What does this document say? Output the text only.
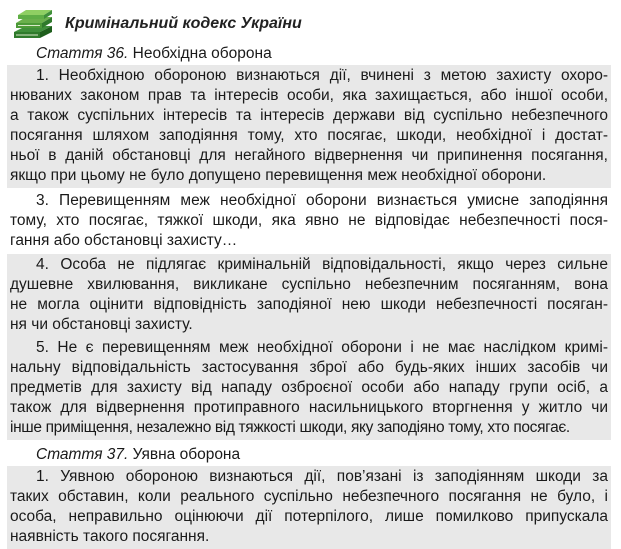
Кримінальний кодекс України
Стаття 36. Необхідна оборона
1. Необхідною обороною визнаються дії, вчинені з метою захисту охоро-
нюваних законом прав та інтересів особи, яка захищається, або іншої особи,
а також суспільних інтересів та інтересів держави від суспільно небезпечного
посягання шляхом заподіяння тому, хто посягає, шкоди, необхідної і достат-
ньої в даній обстановці для негайного відвернення чи припинення посягання,
якщо при цьому не було допущено перевищення меж необхідної оборони.
3. Перевищенням меж необхідної оборони визнається умисне заподіяння
тому, хто посягає, тяжкої шкоди, яка явно не відповідає небезпечності пося-
гання або обстановці захисту…
4. Особа не підлягає кримінальній відповідальності, якщо через сильне
душевне хвилювання, викликане суспільно небезпечним посяганням, вона
не могла оцінити відповідність заподіяної нею шкоди небезпечності посяган-
ня чи обстановці захисту.
5. Не є перевищенням меж необхідної оборони і не має наслідком кримі-
нальну відповідальність застосування зброї або будь-яких інших засобів чи
предметів для захисту від нападу озброєної особи або нападу групи осіб, а
також для відвернення протиправного насильницького вторгнення у житло чи
інше приміщення, незалежно від тяжкості шкоди, яку заподіяно тому, хто посягає.
Стаття 37. Уявна оборона
1. Уявною обороною визнаються дії, пов’язані із заподіянням шкоди за
таких обставин, коли реального суспільно небезпечного посягання не було, і
особа, неправильно оцінюючи дії потерпілого, лише помилково припускала
наявність такого посягання.
